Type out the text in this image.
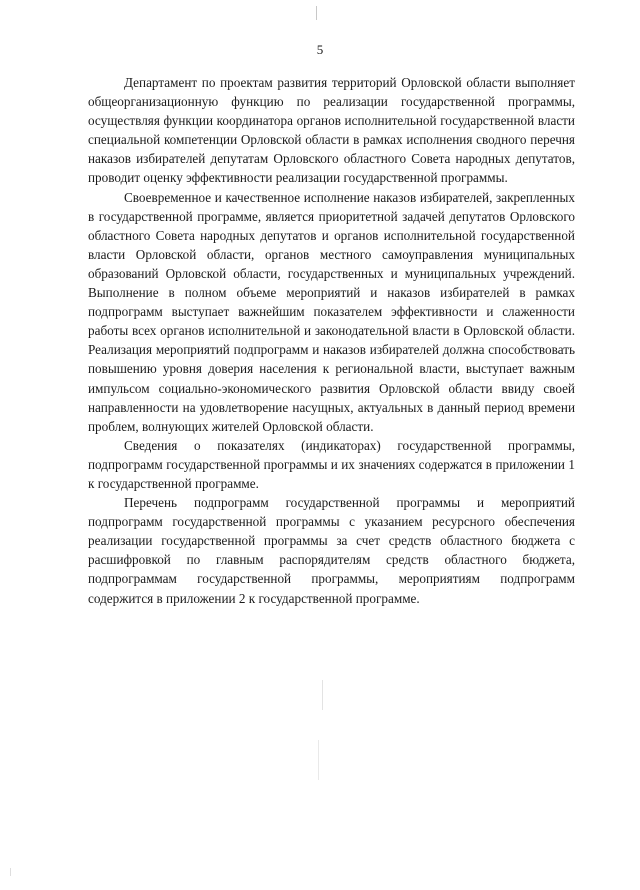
5

Департамент по проектам развития территорий Орловской области выполняет общеорганизационную функцию по реализации государственной программы, осуществляя функции координатора органов исполнительной государственной власти специальной компетенции Орловской области в рамках исполнения сводного перечня наказов избирателей депутатам Орловского областного Совета народных депутатов, проводит оценку эффективности реализации государственной программы.

Своевременное и качественное исполнение наказов избирателей, закрепленных в государственной программе, является приоритетной задачей депутатов Орловского областного Совета народных депутатов и органов исполнительной государственной власти Орловской области, органов местного самоуправления муниципальных образований Орловской области, государственных и муниципальных учреждений. Выполнение в полном объеме мероприятий и наказов избирателей в рамках подпрограмм выступает важнейшим показателем эффективности и слаженности работы всех органов исполнительной и законодательной власти в Орловской области. Реализация мероприятий подпрограмм и наказов избирателей должна способствовать повышению уровня доверия населения к региональной власти, выступает важным импульсом социально-экономического развития Орловской области ввиду своей направленности на удовлетворение насущных, актуальных в данный период времени проблем, волнующих жителей Орловской области.

Сведения о показателях (индикаторах) государственной программы, подпрограмм государственной программы и их значениях содержатся в приложении 1 к государственной программе.

Перечень подпрограмм государственной программы и мероприятий подпрограмм государственной программы с указанием ресурсного обеспечения реализации государственной программы за счет средств областного бюджета с расшифровкой по главным распорядителям средств областного бюджета, подпрограммам государственной программы, мероприятиям подпрограмм содержится в приложении 2 к государственной программе.
